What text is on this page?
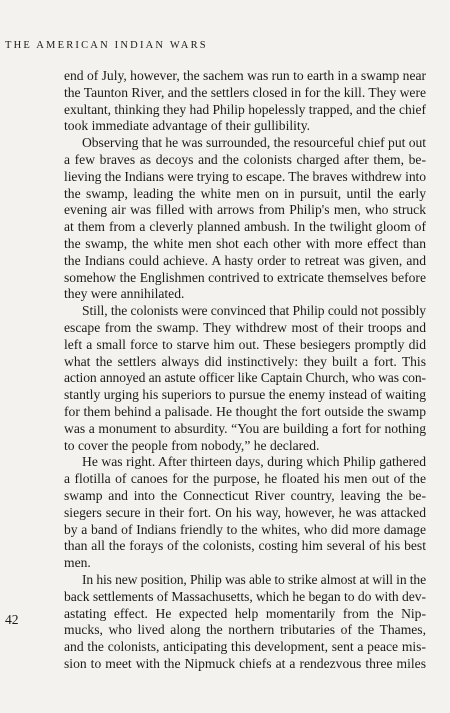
THE AMERICAN INDIAN WARS

end of July, however, the sachem was run to earth in a swamp near
the Taunton River, and the settlers closed in for the kill. They were
exultant, thinking they had Philip hopelessly trapped, and the chief
took immediate advantage of their gullibility.

Observing that he was surrounded, the resourceful chief put out
a few braves as decoys and the colonists charged after them, be-
lieving the Indians were trying to escape. The braves withdrew into
the swamp, leading the white men on in pursuit, until the early
evening air was filled with arrows from Philip's men, who struck
at them from a cleverly planned ambush. In the twilight gloom of
the swamp, the white men shot each other with more effect than
the Indians could achieve. A hasty order to retreat was given, and
somehow the Englishmen contrived to extricate themselves before
they were annihilated.

Still, the colonists were convinced that Philip could not possibly
escape from the swamp. They withdrew most of their troops and
left a small force to starve him out. These besiegers promptly did
what the settlers always did instinctively: they built a fort. This
action annoyed an astute officer like Captain Church, who was con-
stantly urging his superiors to pursue the enemy instead of waiting
for them behind a palisade. He thought the fort outside the swamp
was a monument to absurdity. “You are building a fort for nothing
to cover the people from nobody,” he declared.

He was right. After thirteen days, during which Philip gathered
a flotilla of canoes for the purpose, he floated his men out of the
swamp and into the Connecticut River country, leaving the be-
siegers secure in their fort. On his way, however, he was attacked
by a band of Indians friendly to the whites, who did more damage
than all the forays of the colonists, costing him several of his best
men.

In his new position, Philip was able to strike almost at will in the
back settlements of Massachusetts, which he began to do with dev-
astating effect. He expected help momentarily from the Nip-
mucks, who lived along the northern tributaries of the Thames,
and the colonists, anticipating this development, sent a peace mis-
sion to meet with the Nipmuck chiefs at a rendezvous three miles

42
